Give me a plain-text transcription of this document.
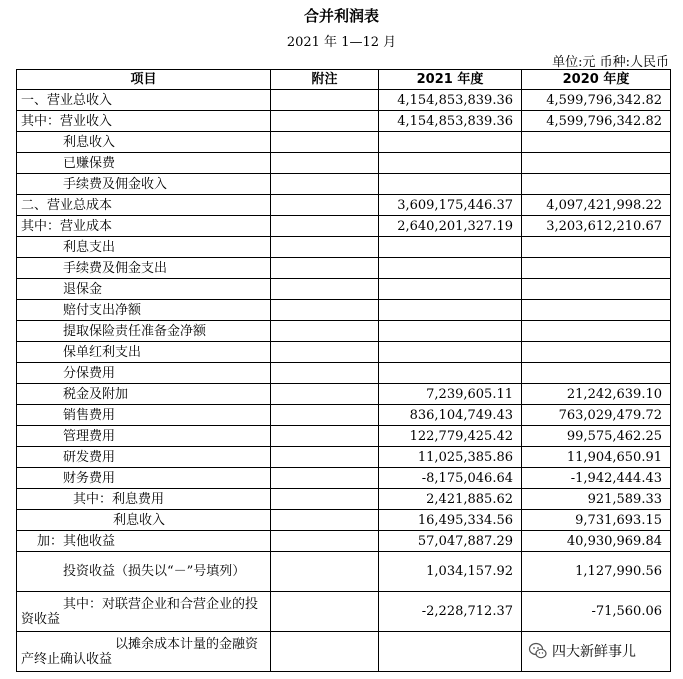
合并利润表
2021 年 1—12 月
单位:元 币种:人民币
项目	附注	2021 年度	2020 年度
一、营业总收入		4,154,853,839.36	4,599,796,342.82
其中：营业收入		4,154,853,839.36	4,599,796,342.82
利息收入			
已赚保费			
手续费及佣金收入			
二、营业总成本		3,609,175,446.37	4,097,421,998.22
其中：营业成本		2,640,201,327.19	3,203,612,210.67
利息支出			
手续费及佣金支出			
退保金			
赔付支出净额			
提取保险责任准备金净额			
保单红利支出			
分保费用			
税金及附加		7,239,605.11	21,242,639.10
销售费用		836,104,749.43	763,029,479.72
管理费用		122,779,425.42	99,575,462.25
研发费用		11,025,385.86	11,904,650.91
财务费用		-8,175,046.64	-1,942,444.43
其中：利息费用		2,421,885.62	921,589.33
利息收入		16,495,334.56	9,731,693.15
加：其他收益		57,047,887.29	40,930,969.84
投资收益（损失以“－”号填列）		1,034,157.92	1,127,990.56
其中：对联营企业和合营企业的投资收益		-2,228,712.37	-71,560.06
以摊余成本计量的金融资产终止确认收益				四大新鲜事儿
